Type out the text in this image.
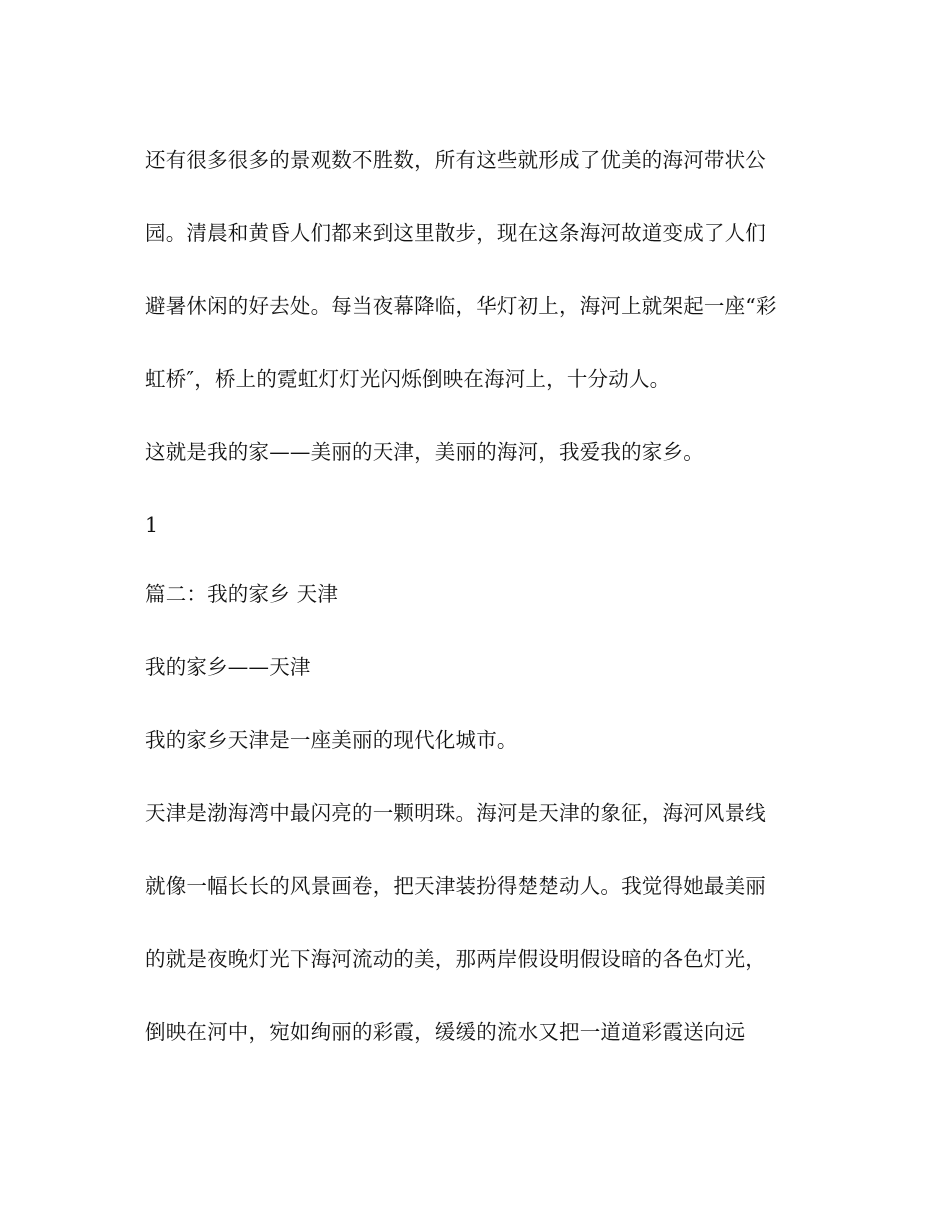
还有很多很多的景观数不胜数，所有这些就形成了优美的海河带状公
园。清晨和黄昏人们都来到这里散步，现在这条海河故道变成了人们
避暑休闲的好去处。每当夜幕降临，华灯初上，海河上就架起一座“彩
虹桥″，桥上的霓虹灯灯光闪烁倒映在海河上，十分动人。
这就是我的家——美丽的天津，美丽的海河，我爱我的家乡。
1
篇二：我的家乡 天津
我的家乡——天津
我的家乡天津是一座美丽的现代化城市。
天津是渤海湾中最闪亮的一颗明珠。海河是天津的象征，海河风景线
就像一幅长长的风景画卷，把天津装扮得楚楚动人。我觉得她最美丽
的就是夜晚灯光下海河流动的美，那两岸假设明假设暗的各色灯光，
倒映在河中，宛如绚丽的彩霞，缓缓的流水又把一道道彩霞送向远
